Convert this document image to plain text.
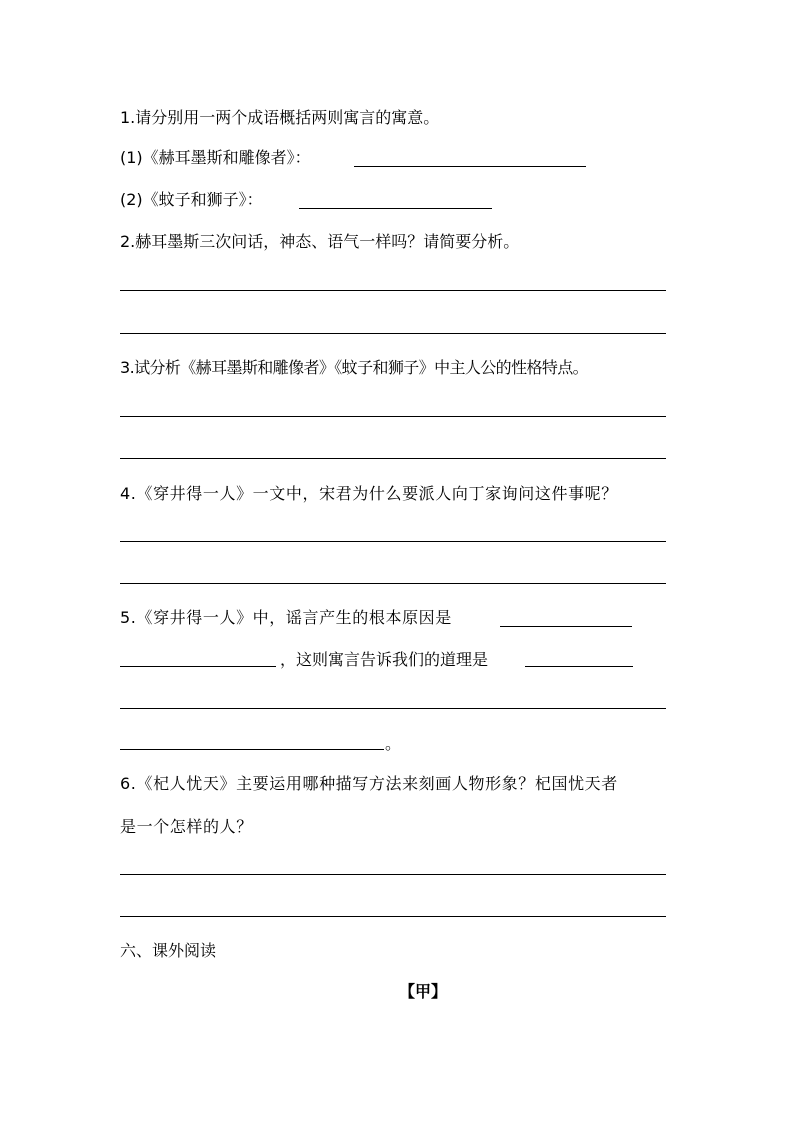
1.请分别用一两个成语概括两则寓言的寓意。
(1)《赫耳墨斯和雕像者》：
(2)《蚊子和狮子》：
2.赫耳墨斯三次问话，神态、语气一样吗？请简要分析。
3.试分析《赫耳墨斯和雕像者》《蚊子和狮子》中主人公的性格特点。
4.《穿井得一人》一文中，宋君为什么要派人向丁家询问这件事呢？
5.《穿井得一人》中，谣言产生的根本原因是
，这则寓言告诉我们的道理是
。
6.《杞人忧天》主要运用哪种描写方法来刻画人物形象？杞国忧天者
是一个怎样的人？
六、课外阅读
【甲】
